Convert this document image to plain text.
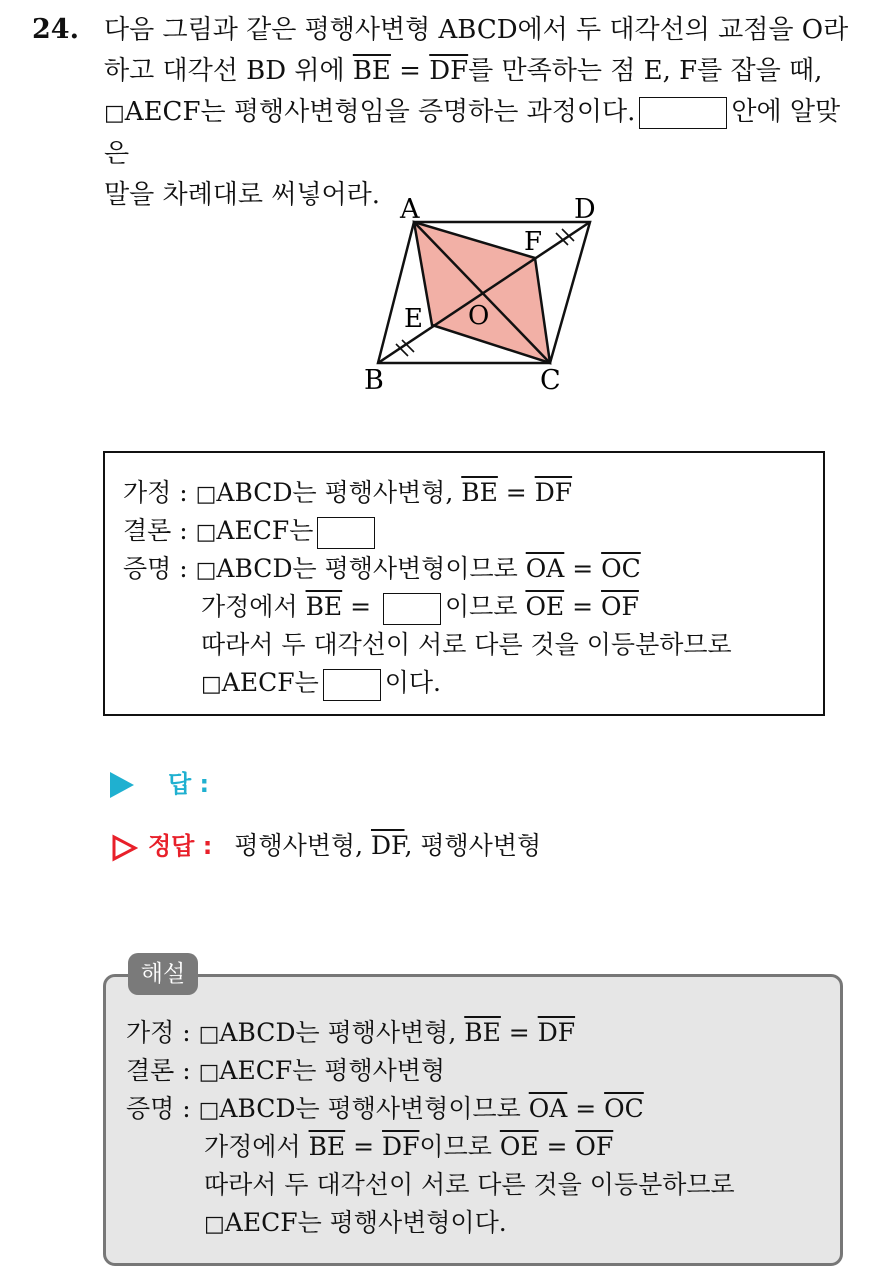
24. 다음 그림과 같은 평행사변형 ABCD에서 두 대각선의 교점을 O라
하고 대각선 BD 위에 $\overline{BE} = \overline{DF}$를 만족하는 점 E, F를 잡을 때,
□AECF는 평행사변형임을 증명하는 과정이다.	안에 알맞은
말을 차례대로 써넣어라. A	D
B	C
E
F
O
가정 : □ABCD는 평행사변형, $\overline{BE} = \overline{DF}$
결론 : □AECF는
증명 : □ABCD는 평행사변형이므로 $\overline{OA} = \overline{OC}$
가정에서 $\overline{BE}$ =	이므로 $\overline{OE} = \overline{OF}$
따라서 두 대각선이 서로 다른 것을 이등분하므로
□AECF는	이다.
답 :
정답 : 평행사변형, $\overline{DF}$, 평행사변형
가정 : □ABCD는 평행사변형, $\overline{BE} = \overline{DF}$
결론 : □AECF는 평행사변형
증명 : □ABCD는 평행사변형이므로 $\overline{OA} = \overline{OC}$
가정에서 $\overline{BE} = \overline{DF}$이므로 $\overline{OE} = \overline{OF}$
따라서 두 대각선이 서로 다른 것을 이등분하므로
□AECF는 평행사변형이다.
해설
